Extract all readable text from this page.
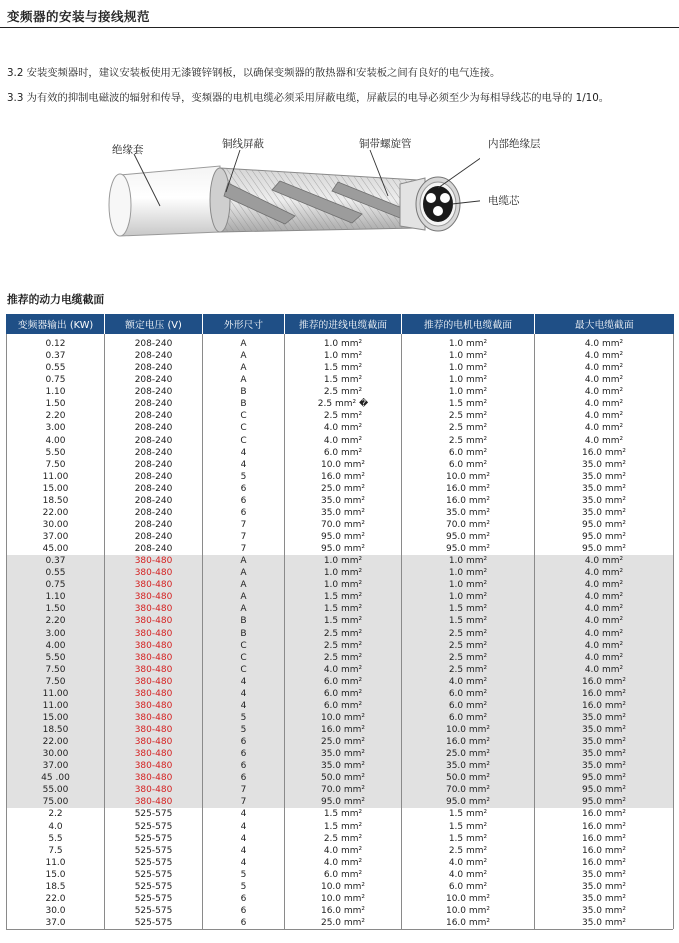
变频器的安装与接线规范
3.2 安装变频器时，建议安装板使用无漆镀锌钢板，以确保变频器的散热器和安装板之间有良好的电气连接。
3.3 为有效的抑制电磁波的辐射和传导，变频器的电机电缆必须采用屏蔽电缆，屏蔽层的电导必须至少为每相导线芯的电导的 1/10。
绝缘套	铜线屏蔽	铜带螺旋管	内部绝缘层
电缆芯
推荐的动力电缆截面
变频器输出 (KW)	额定电压 (V)	外形尺寸	推荐的进线电缆截面	推荐的电机电缆截面	最大电缆截面
0.12	208-240	A	1.0 mm²	1.0 mm²	4.0 mm²
0.37	208-240	A	1.0 mm²	1.0 mm²	4.0 mm²
0.55	208-240	A	1.5 mm²	1.0 mm²	4.0 mm²
0.75	208-240	A	1.5 mm²	1.0 mm²	4.0 mm²
1.10	208-240	B	2.5 mm²	1.0 mm²	4.0 mm²
1.50	208-240	B	2.5 mm² �	1.5 mm²	4.0 mm²
2.20	208-240	C	2.5 mm²	2.5 mm²	4.0 mm²
3.00	208-240	C	4.0 mm²	2.5 mm²	4.0 mm²
4.00	208-240	C	4.0 mm²	2.5 mm²	4.0 mm²
5.50	208-240	4	6.0 mm²	6.0 mm²	16.0 mm²
7.50	208-240	4	10.0 mm²	6.0 mm²	35.0 mm²
11.00	208-240	5	16.0 mm²	10.0 mm²	35.0 mm²
15.00	208-240	6	25.0 mm²	16.0 mm²	35.0 mm²
18.50	208-240	6	35.0 mm²	16.0 mm²	35.0 mm²
22.00	208-240	6	35.0 mm²	35.0 mm²	35.0 mm²
30.00	208-240	7	70.0 mm²	70.0 mm²	95.0 mm²
37.00	208-240	7	95.0 mm²	95.0 mm²	95.0 mm²
45.00	208-240	7	95.0 mm²	95.0 mm²	95.0 mm²
0.37	380-480	A	1.0 mm²	1.0 mm²	4.0 mm²
0.55	380-480	A	1.0 mm²	1.0 mm²	4.0 mm²
0.75	380-480	A	1.0 mm²	1.0 mm²	4.0 mm²
1.10	380-480	A	1.5 mm²	1.0 mm²	4.0 mm²
1.50	380-480	A	1.5 mm²	1.5 mm²	4.0 mm²
2.20	380-480	B	1.5 mm²	1.5 mm²	4.0 mm²
3.00	380-480	B	2.5 mm²	2.5 mm²	4.0 mm²
4.00	380-480	C	2.5 mm²	2.5 mm²	4.0 mm²
5.50	380-480	C	2.5 mm²	2.5 mm²	4.0 mm²
7.50	380-480	C	4.0 mm²	2.5 mm²	4.0 mm²
7.50	380-480	4	6.0 mm²	4.0 mm²	16.0 mm²
11.00	380-480	4	6.0 mm²	6.0 mm²	16.0 mm²
11.00	380-480	4	6.0 mm²	6.0 mm²	16.0 mm²
15.00	380-480	5	10.0 mm²	6.0 mm²	35.0 mm²
18.50	380-480	5	16.0 mm²	10.0 mm²	35.0 mm²
22.00	380-480	6	25.0 mm²	16.0 mm²	35.0 mm²
30.00	380-480	6	35.0 mm²	25.0 mm²	35.0 mm²
37.00	380-480	6	35.0 mm²	35.0 mm²	35.0 mm²
45 .00	380-480	6	50.0 mm²	50.0 mm²	95.0 mm²
55.00	380-480	7	70.0 mm²	70.0 mm²	95.0 mm²
75.00	380-480	7	95.0 mm²	95.0 mm²	95.0 mm²
2.2	525-575	4	1.5 mm²	1.5 mm²	16.0 mm²
4.0	525-575	4	1.5 mm²	1.5 mm²	16.0 mm²
5.5	525-575	4	2.5 mm²	1.5 mm²	16.0 mm²
7.5	525-575	4	4.0 mm²	2.5 mm²	16.0 mm²
11.0	525-575	4	4.0 mm²	4.0 mm²	16.0 mm²
15.0	525-575	5	6.0 mm²	4.0 mm²	35.0 mm²
18.5	525-575	5	10.0 mm²	6.0 mm²	35.0 mm²
22.0	525-575	6	10.0 mm²	10.0 mm²	35.0 mm²
30.0	525-575	6	16.0 mm²	10.0 mm²	35.0 mm²
37.0	525-575	6	25.0 mm²	16.0 mm²	35.0 mm²
